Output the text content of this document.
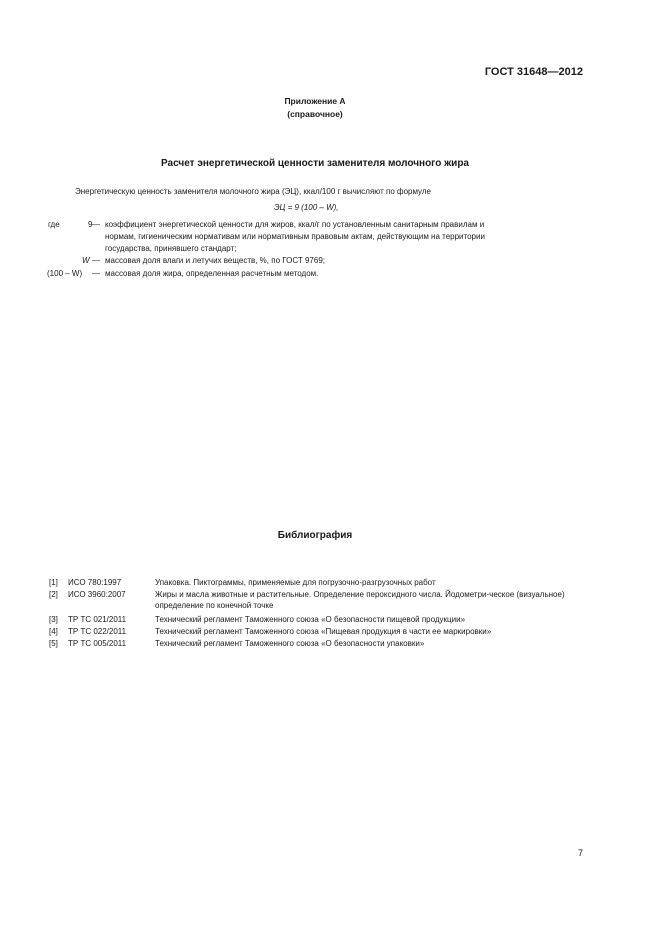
ГОСТ 31648—2012
Приложение А
(справочное)
Расчет энергетической ценности заменителя молочного жира
Энергетическую ценность заменителя молочного жира (ЭЦ), ккал/100 г вычисляют по формуле
ЭЦ = 9 (100 – W),
где	9 — коэффициент энергетической ценности для жиров, ккал/г по установленным санитарным правилам и
нормам, гигиеническим нормативам или нормативным правовым актам, действующим на территории
государства, принявшего стандарт;
W — массовая доля влаги и летучих веществ, %, по ГОСТ 9769;
(100 – W) — массовая доля жира, определенная расчетным методом.
Библиография
[1]	ИСО 780:1997	Упаковка. Пиктограммы, применяемые для погрузочно-разгрузочных работ
[2]	ИСО 3960:2007	Жиры и масла животные и растительные. Определение пероксидного числа. Йодометри-ческое (визуальное) определение по конечной точке
[3]	ТР ТС 021/2011	Технический регламент Таможенного союза «О безопасности пищевой продукции»
[4]	ТР ТС 022/2011	Технический регламент Таможенного союза «Пищевая продукция в части ее маркировки»
[5]	ТР ТС 005/2011	Технический регламент Таможенного союза «О безопасности упаковки»
7
